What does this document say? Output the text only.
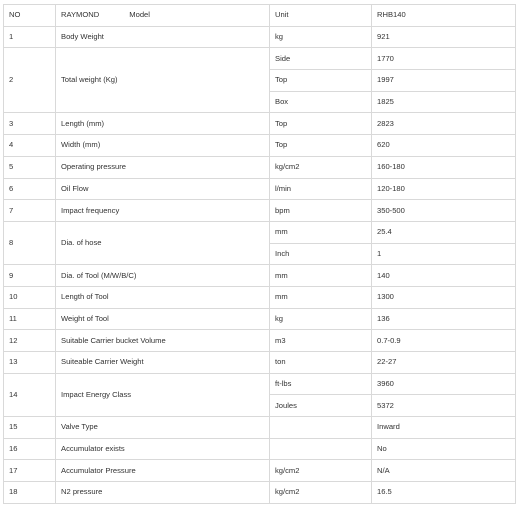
NO	RAYMOND Model	Unit	RHB140
1	Body Weight	kg	921
2	Total weight (Kg)	Side	1770
		Top	1997
		Box	1825
3	Length (mm)	Top	2823
4	Width (mm)	Top	620
5	Operating pressure	kg/cm2	160-180
6	Oil Flow	l/min	120-180
7	Impact frequency	bpm	350-500
8	Dia. of hose	mm	25.4
		Inch	1
9	Dia. of Tool (M/W/B/C)	mm	140
10	Length of Tool	mm	1300
11	Weight of Tool	kg	136
12	Suitable Carrier bucket Volume	m3	0.7-0.9
13	Suiteable Carrier Weight	ton	22-27
14	Impact Energy Class	ft-lbs	3960
		Joules	5372
15	Valve Type		Inward
16	Accumulator exists		No
17	Accumulator Pressure	kg/cm2	N/A
18	N2 pressure	kg/cm2	16.5
